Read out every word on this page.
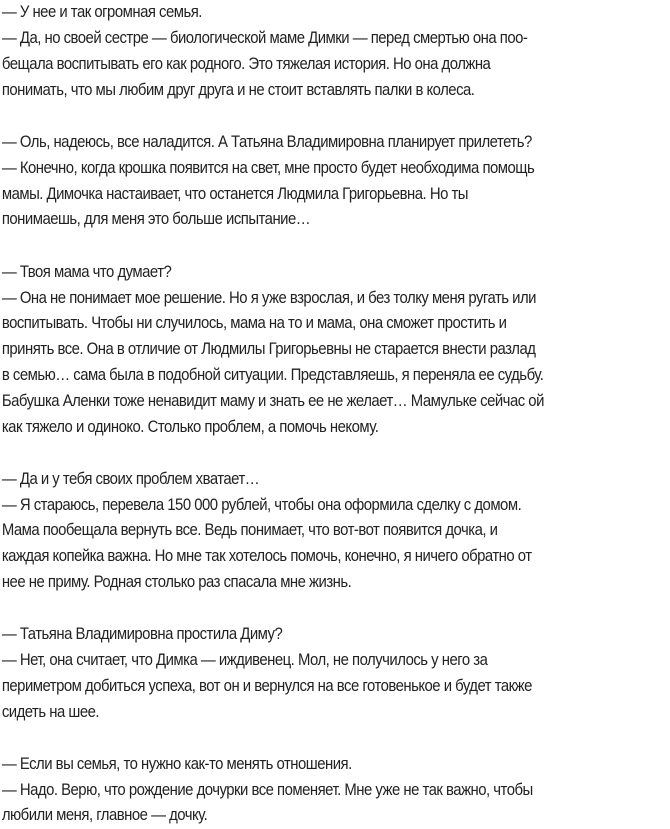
— У нее и так огромная семья.
— Да, но своей сестре — биологической маме Димки — перед смертью она поо-
бещала воспитывать его как родного. Это тяжелая история. Но она должна
понимать, что мы любим друг друга и не стоит вставлять палки в колеса.

— Оль, надеюсь, все наладится. А Татьяна Владимировна планирует прилететь?
— Конечно, когда крошка появится на свет, мне просто будет необходима помощь
мамы. Димочка настаивает, что останется Людмила Григорьевна. Но ты
понимаешь, для меня это больше испытание…

— Твоя мама что думает?
— Она не понимает мое решение. Но я уже взрослая, и без толку меня ругать или
воспитывать. Чтобы ни случилось, мама на то и мама, она сможет простить и
принять все. Она в отличие от Людмилы Григорьевны не старается внести разлад
в семью… сама была в подобной ситуации. Представляешь, я переняла ее судьбу.
Бабушка Аленки тоже ненавидит маму и знать ее не желает… Мамульке сейчас ой
как тяжело и одиноко. Столько проблем, а помочь некому.

— Да и у тебя своих проблем хватает…
— Я стараюсь, перевела 150 000 рублей, чтобы она оформила сделку с домом.
Мама пообещала вернуть все. Ведь понимает, что вот-вот появится дочка, и
каждая копейка важна. Но мне так хотелось помочь, конечно, я ничего обратно от
нее не приму. Родная столько раз спасала мне жизнь.

— Татьяна Владимировна простила Диму?
— Нет, она считает, что Димка — иждивенец. Мол, не получилось у него за
периметром добиться успеха, вот он и вернулся на все готовенькое и будет также
сидеть на шее.

— Если вы семья, то нужно как-то менять отношения.
— Надо. Верю, что рождение дочурки все поменяет. Мне уже не так важно, чтобы
любили меня, главное — дочку.
